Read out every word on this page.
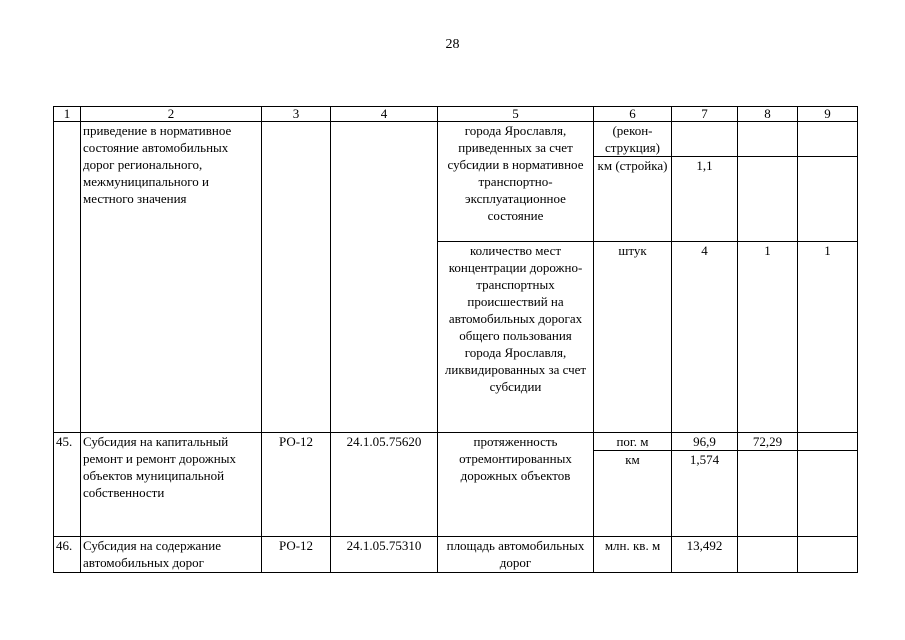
28
1	2	3	4	5	6	7	8	9
	приведение в нормативное состояние автомобильных дорог регионального, межмуниципального и местного значения			города Ярославля, приведенных за счет субсидии в нормативное транспортно-эксплуатационное состояние	(рекон-струкция)			
					км (стройка)	1,1		
				количество мест концентрации дорожно-транспортных происшествий на автомобильных дорогах общего пользования города Ярославля, ликвидированных за счет субсидии	штук	4	1	1
45.	Субсидия на капитальный ремонт и ремонт дорожных объектов муниципальной собственности	РО-12	24.1.05.75620	протяженность отремонтированных дорожных объектов	пог. м	96,9	72,29	
					км	1,574		
46.	Субсидия на содержание автомобильных дорог	РО-12	24.1.05.75310	площадь автомобильных дорог	млн. кв. м	13,492		
